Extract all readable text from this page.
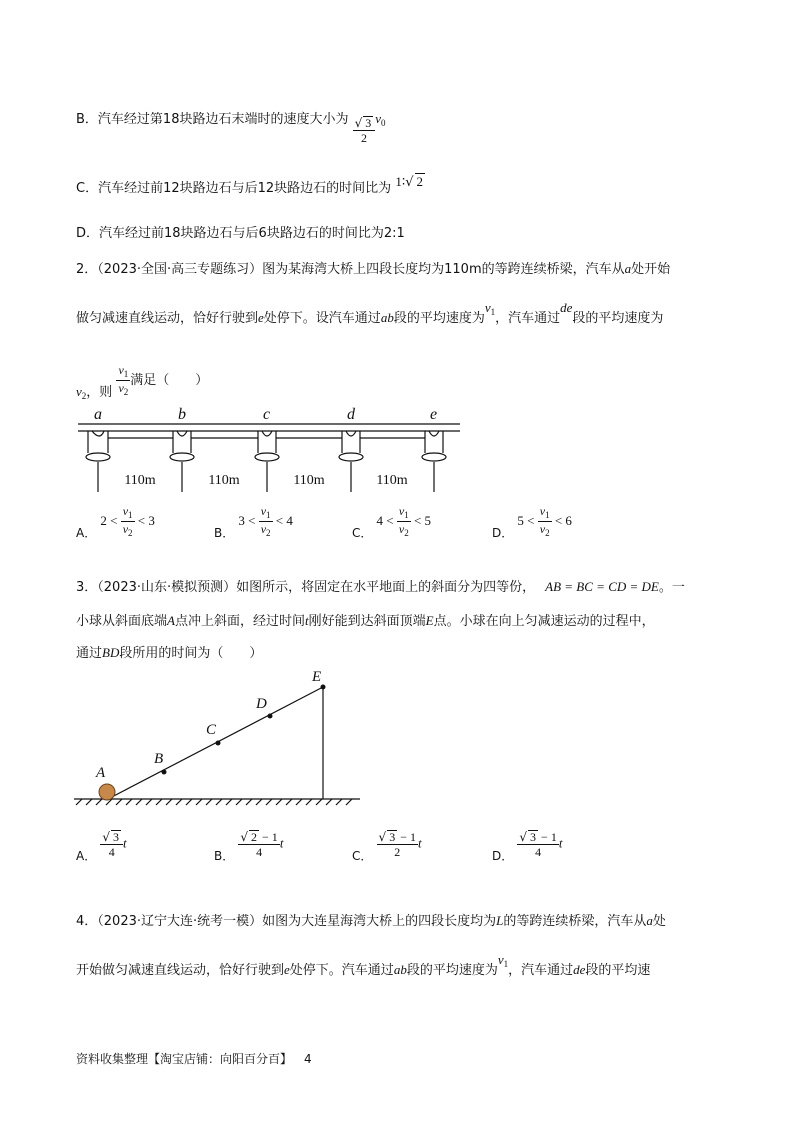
B．汽车经过第18块路边石末端时的速度大小为 $\frac{√ 3}{2} v_0$
C．汽车经过前12块路边石与后12块路边石的时间比为 1∶√ 2
D．汽车经过前18块路边石与后6块路边石的时间比为2:1
2．（2023·全国·高三专题练习）图为某海湾大桥上四段长度均为110m的等跨连续桥梁，汽车从a处开始
做匀减速直线运动，恰好行驶到e处停下。设汽车通过ab段的平均速度为$v_1$，汽车通过de段的平均速度为
$v_2$，则 $\frac{v_1}{v_2}$ 满足（　　）
a	b	c	d	e
110m	110m	110m	110m
A． $2 < \frac{v_1}{v_2} < 3$
B． $3 < \frac{v_1}{v_2} < 4$
C． $4 < \frac{v_1}{v_2} < 5$
D． $5 < \frac{v_1}{v_2} < 6$
3．（2023·山东·模拟预测）如图所示，将固定在水平地面上的斜面分为四等份， AB = BC = CD = DE。一
小球从斜面底端A点冲上斜面，经过时间t刚好能到达斜面顶端E点。小球在向上匀减速运动的过程中，
通过BD段所用的时间为（　　）
A
B
C
D
E
A． $\frac{√ 3}{4}$ t
B． $\frac{√ 2 - 1}{4}$ t
C． $\frac{√ 3 - 1}{2}$ t
D． $\frac{√ 3 - 1}{4}$ t
4．（2023·辽宁大连·统考一模）如图为大连星海湾大桥上的四段长度均为L的等跨连续桥梁，汽车从a处
开始做匀减速直线运动，恰好行驶到e处停下。汽车通过ab段的平均速度为$v_1$，汽车通过de段的平均速
资料收集整理【淘宝店铺：向阳百分百】 4
